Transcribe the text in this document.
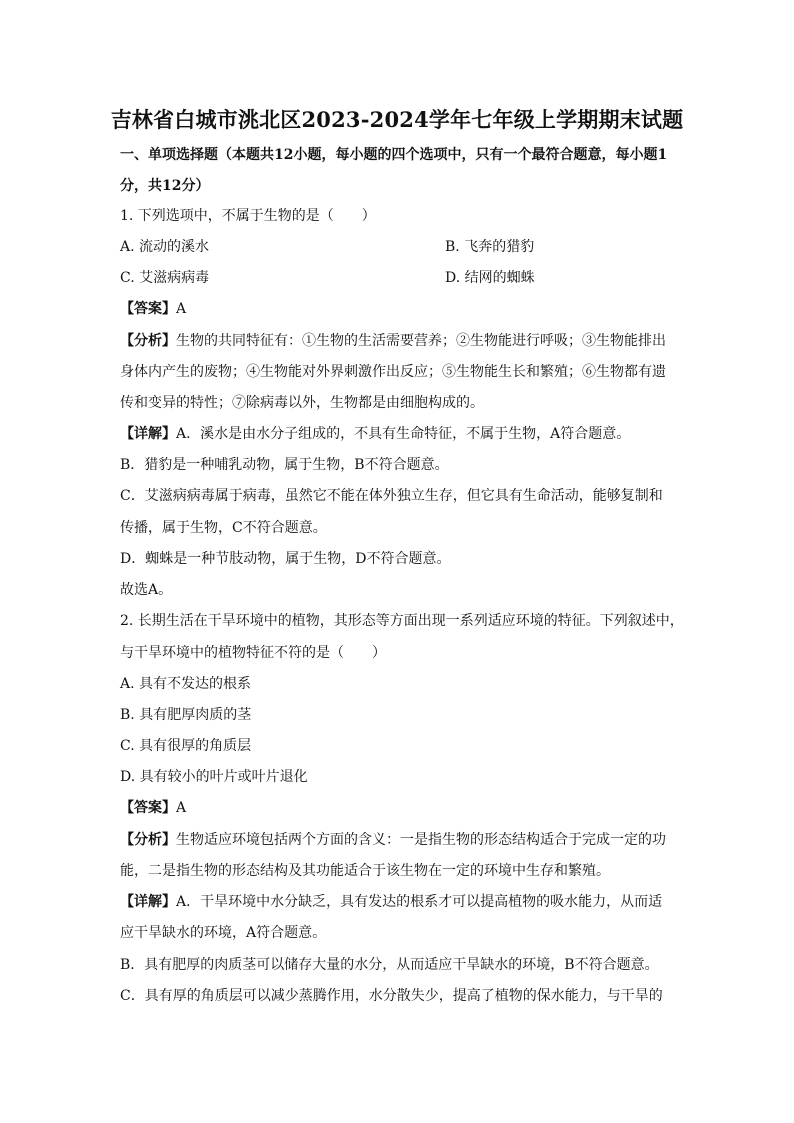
吉林省白城市洮北区2023-2024学年七年级上学期期末试题
一、单项选择题（本题共12小题，每小题的四个选项中，只有一个最符合题意，每小题1
分，共12分）
1. 下列选项中，不属于生物的是（　　）
A. 流动的溪水	B. 飞奔的猎豹
C. 艾滋病病毒	D. 结网的蜘蛛
【答案】A
【分析】生物的共同特征有：①生物的生活需要营养；②生物能进行呼吸；③生物能排出
身体内产生的废物；④生物能对外界刺激作出反应；⑤生物能生长和繁殖；⑥生物都有遗
传和变异的特性；⑦除病毒以外，生物都是由细胞构成的。
【详解】A．溪水是由水分子组成的，不具有生命特征，不属于生物，A符合题意。
B．猎豹是一种哺乳动物，属于生物，B不符合题意。
C．艾滋病病毒属于病毒，虽然它不能在体外独立生存，但它具有生命活动，能够复制和
传播，属于生物，C不符合题意。
D．蜘蛛是一种节肢动物，属于生物，D不符合题意。
故选A。
2. 长期生活在干旱环境中的植物，其形态等方面出现一系列适应环境的特征。下列叙述中，
与干旱环境中的植物特征不符的是（　　）
A. 具有不发达的根系
B. 具有肥厚肉质的茎
C. 具有很厚的角质层
D. 具有较小的叶片或叶片退化
【答案】A
【分析】生物适应环境包括两个方面的含义：一是指生物的形态结构适合于完成一定的功
能，二是指生物的形态结构及其功能适合于该生物在一定的环境中生存和繁殖。
【详解】A．干旱环境中水分缺乏，具有发达的根系才可以提高植物的吸水能力，从而适
应干旱缺水的环境，A符合题意。
B．具有肥厚的肉质茎可以储存大量的水分，从而适应干旱缺水的环境，B不符合题意。
C．具有厚的角质层可以减少蒸腾作用，水分散失少，提高了植物的保水能力，与干旱的
